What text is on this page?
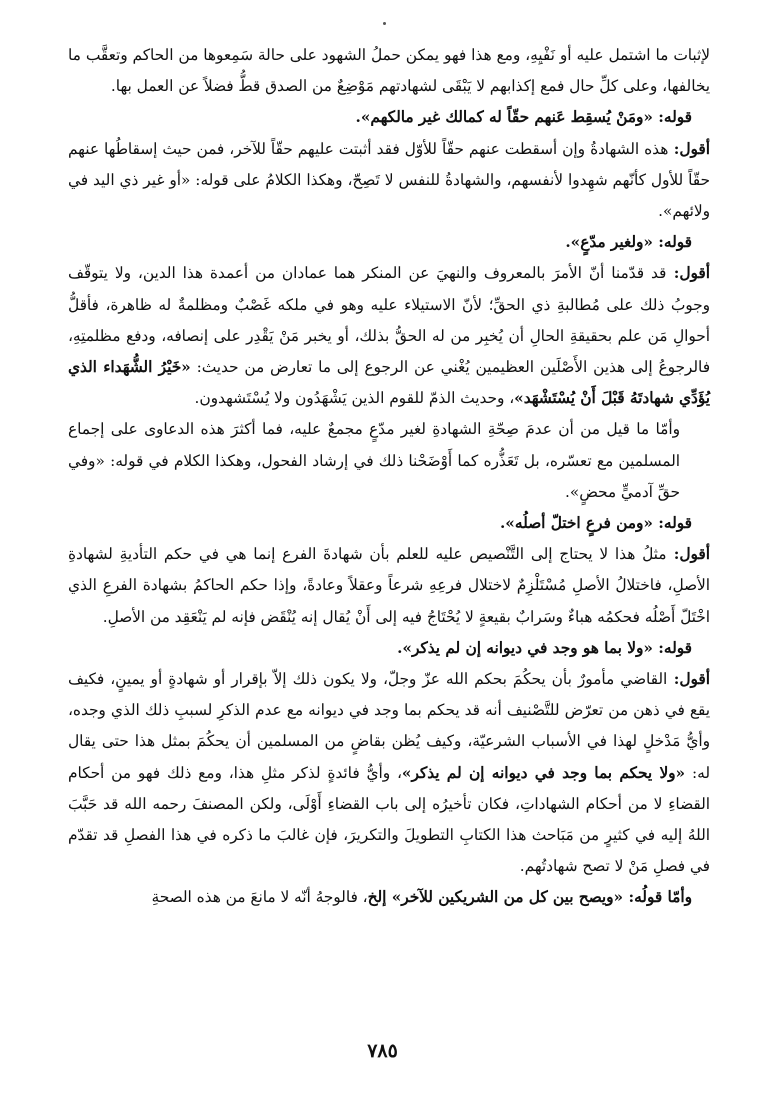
لإثبات ما اشتمل عليه أو نَفْيِهِ، ومع هذا فهو يمكن حملُ الشهود على حالة سَمِعوها من الحاكم وتعقَّب ما يخالفها، وعلى كلِّ حال فمع إكذابهم لا يَبْقَى لشهادتهم مَوْضِعٌ من الصدق قطُّ فضلاً عن العمل بها.

قوله: «ومَنْ يُسقِط عَنهم حقّاً له كمالك غير مالكهم».

أقول: هذه الشهادةُ وإن أسقطت عنهم حقّاً للأوّل فقد أثبتت عليهم حقّاً للآخر، فمن حيث إسقاطُها عنهم حقّاً للأول كأنّهم شهِدوا لأنفسهم، والشهادةُ للنفس لا تَصِحّ، وهكذا الكلامُ على قوله: «أو غير ذي اليد في ولائهم».

قوله: «ولغير مدّعٍ».

أقول: قد قدّمنا أنّ الأمرَ بالمعروف والنهيَ عن المنكر هما عمادان من أعمدة هذا الدين، ولا يتوقّف وجوبُ ذلك على مُطالبةِ ذي الحقِّ؛ لأنّ الاستيلاء عليه وهو في ملكه غَصْبٌ ومظلمةٌ له ظاهرة، فأقلُّ أحوالِ مَن علم بحقيقةِ الحالِ أن يُخبِر من له الحقُّ بذلك، أو يخبر مَنْ يَقْدِر على إنصافه، ودفع مظلمتِهِ، فالرجوعُ إلى هذين الأَصْلَين العظيمين يُغْني عن الرجوع إلى ما تعارض من حديث: «خَيْرُ الشُّهَداء الذي يُؤَدِّي شهادتَهُ قَبْلَ أَنْ يُسْتَشْهَد»، وحديث الذمّ للقوم الذين يَشْهَدُون ولا يُسْتَشهدون.

وأمّا ما قيل من أن عدمَ صِحّةِ الشهادةِ لغير مدّعٍ مجمعٌ عليه، فما أكثرَ هذه الدعاوى على إجماع المسلمين مع تعسّره، بل تَعَذُّره كما أَوْضَحْنا ذلك في إرشاد الفحول، وهكذا الكلام في قوله: «وفي حقِّ آدميٍّ محضٍ».

قوله: «ومن فرعٍ اختلّ أصلُه».

أقول: مثلُ هذا لا يحتاج إلى التَّنْصيص عليه للعلم بأن شهادةَ الفرع إنما هي في حكم التأديةِ لشهادةِ الأصلِ، فاختلالُ الأصلِ مُسْتَلْزِمٌ لاختلال فرعِهِ شرعاً وعقلاً وعادةً، وإذا حكم الحاكمُ بشهادة الفرعِ الذي اخْتَلّ أَصْلُه فحكمُه هباءٌ وسَرابٌ بقيعةٍ لا يُحْتَاجُ فيه إلى أَنْ يُقال إنه يُنْقَض فإنه لم يَنْعَقِد من الأصلِ.

قوله: «ولا بما هو وجد في ديوانه إن لم يذكر».

أقول: القاضي مأمورٌ بأن يحكُمَ بحكم الله عزّ وجلّ، ولا يكون ذلك إلاّ بإقرار أو شهادةٍ أو يمينٍ، فكيف يقع في ذهن من تعرّض للتَّصْنيف أنه قد يحكم بما وجد في ديوانه مع عدم الذكرِ لسببِ ذلك الذي وجده، وأيُّ مَدْخلٍ لهذا في الأسباب الشرعيّة، وكيف يُظن بقاضٍ من المسلمين أن يحكُمَ بمثل هذا حتى يقال له: «ولا يحكم بما وجد في ديوانه إن لم يذكر»، وأيُّ فائدةٍ لذكر مثلِ هذا، ومع ذلك فهو من أحكام القضاءِ لا من أحكام الشهاداتِ، فكان تأخيرُه إلى باب القضاءِ أَوْلَى، ولكن المصنفَ رحمه الله قد حَبَّبَ اللهُ إليه في كثيرٍ من مَبَاحث هذا الكتابِ التطويلَ والتكريرَ، فإن غالبَ ما ذكره في هذا الفصلِ قد تقدّم في فصلِ مَنْ لا تصح شهادتُهم.

وأمّا قولُه: «ويصح بين كل من الشريكين للآخر» إلخ، فالوجهُ أنّه لا مانعَ من هذه الصحةِ

٧٨٥
